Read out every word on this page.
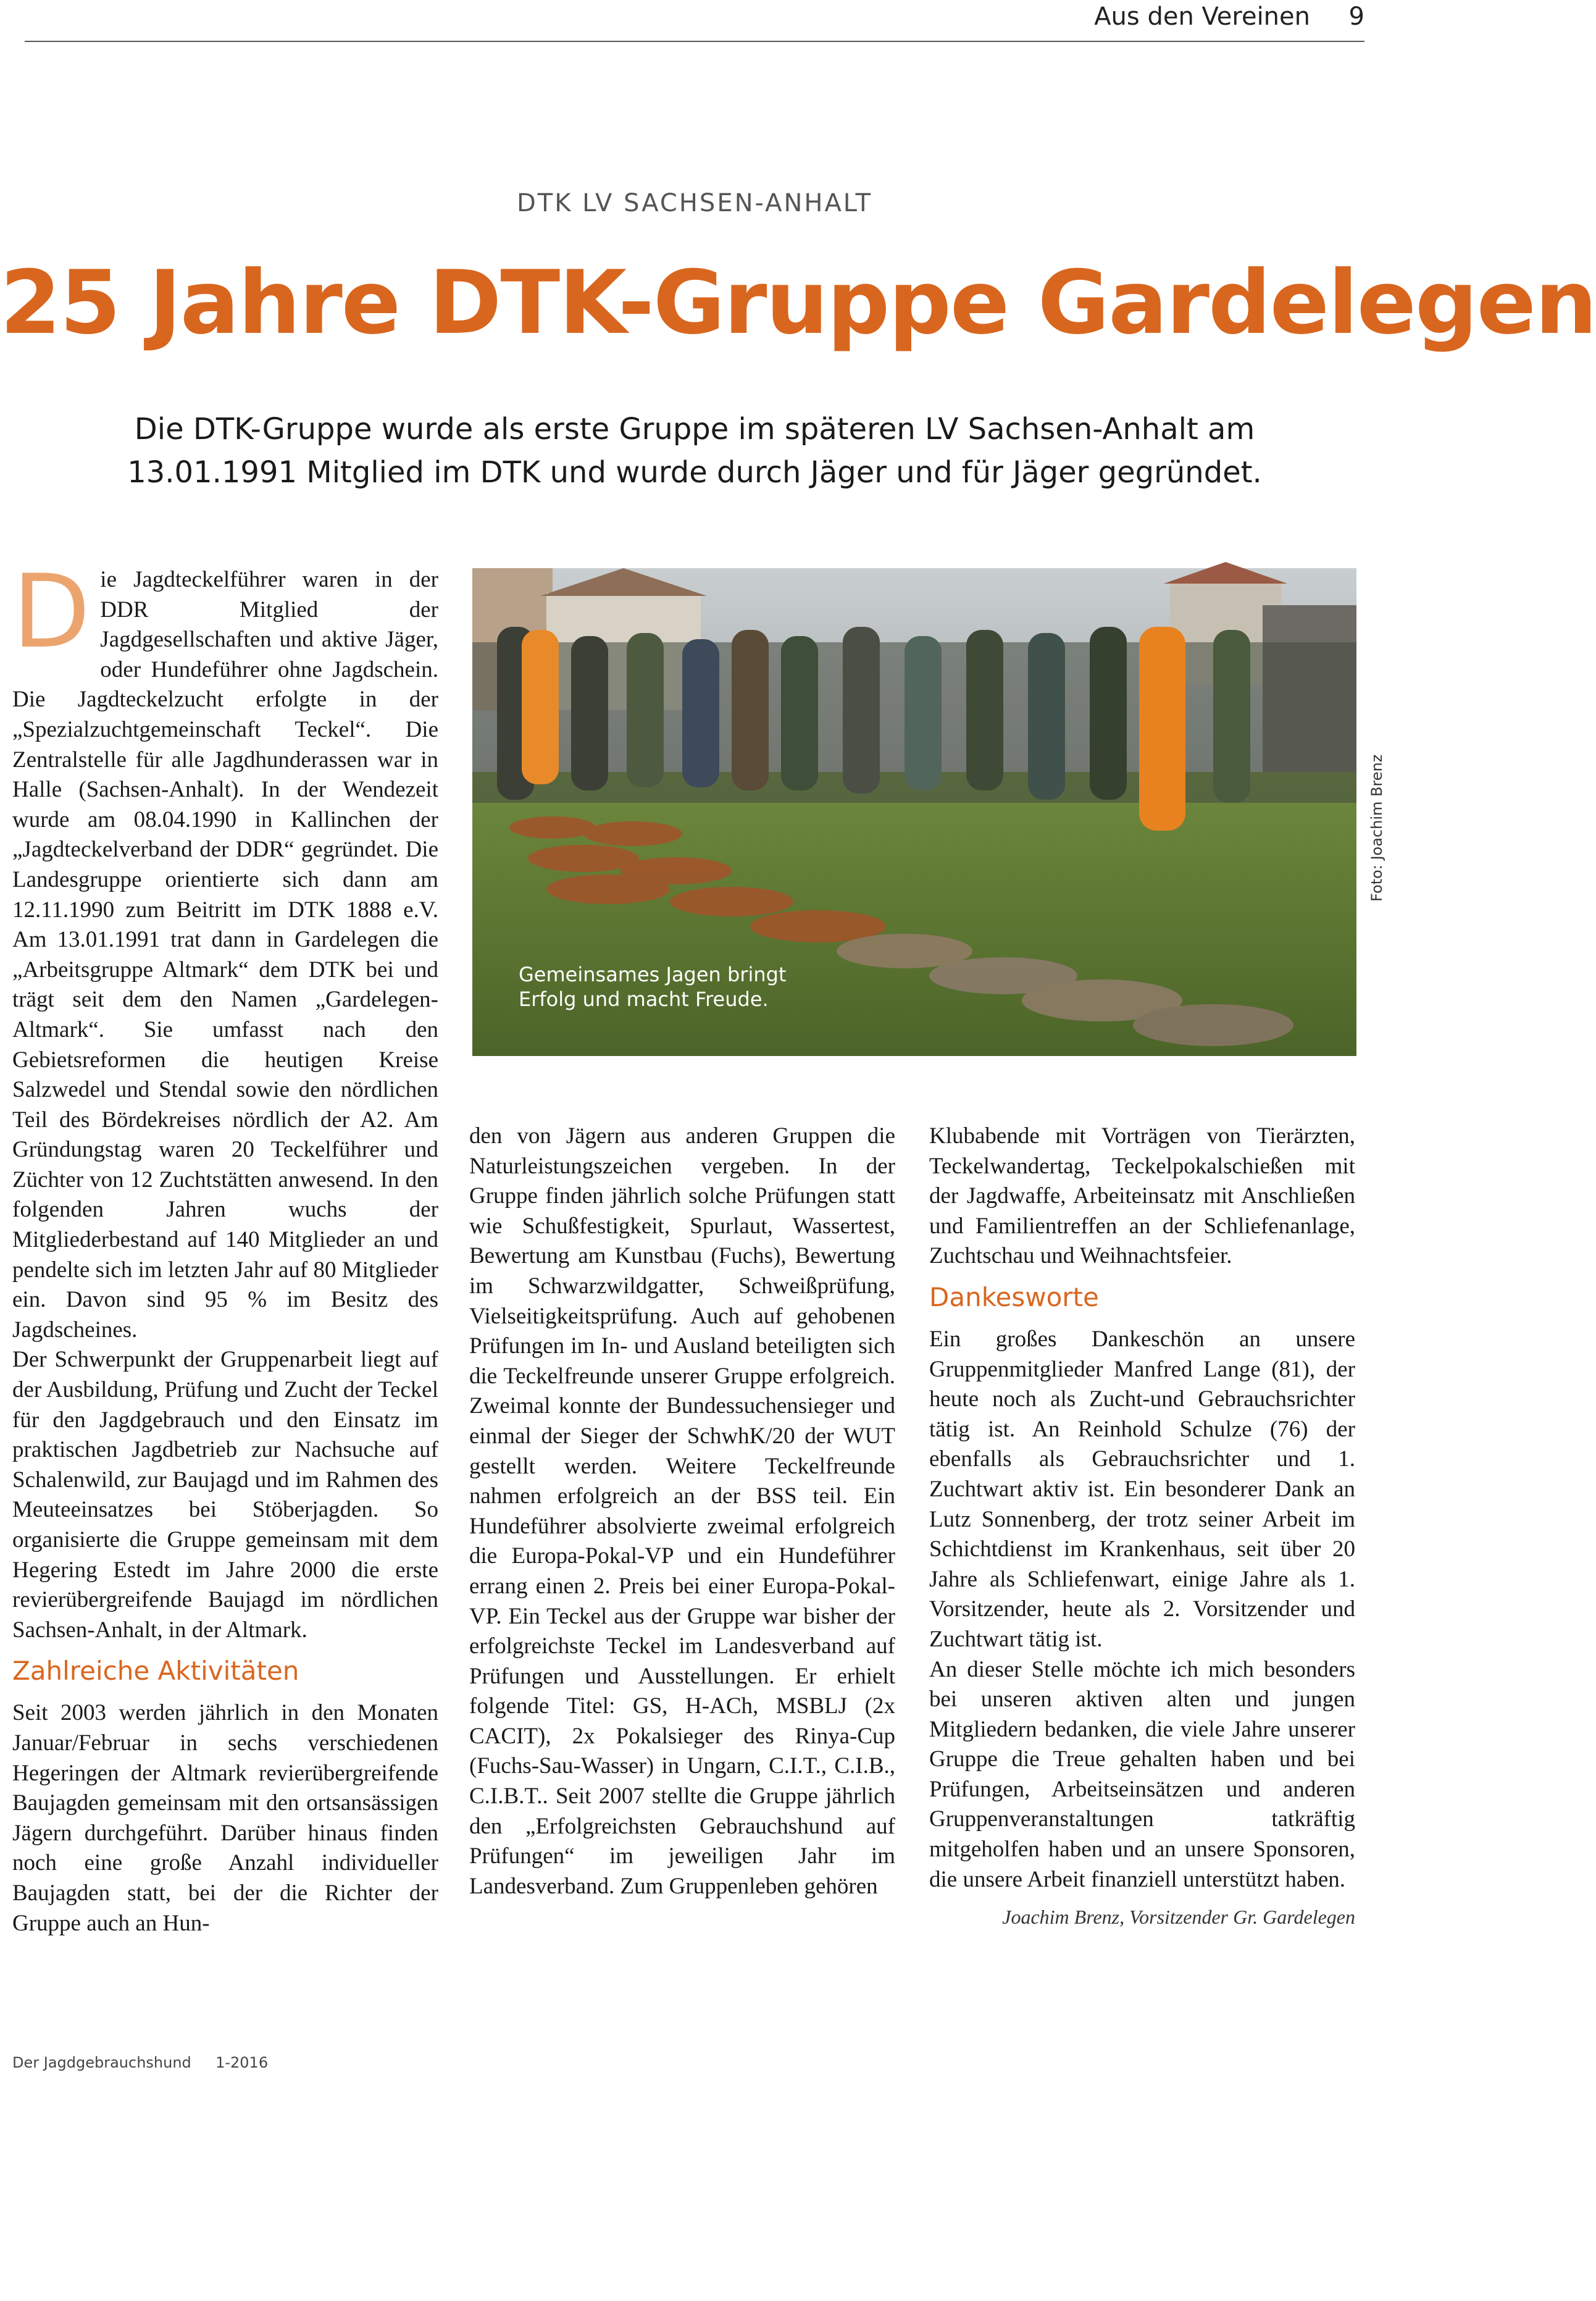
Aus den Vereinen 9
DTK LV SACHSEN-ANHALT
25 Jahre DTK-Gruppe Gardelegen
Die DTK-Gruppe wurde als erste Gruppe im späteren LV Sachsen-Anhalt am 13.01.1991 Mitglied im DTK und wurde durch Jäger und für Jäger gegründet.
D ie Jagdteckelführer waren in der DDR Mitglied der Jagdgesellschaften und aktive Jäger, oder Hundeführer ohne Jagdschein. Die Jagdteckelzucht erfolgte in der „Spezialzuchtgemeinschaft Teckel“. Die Zentralstelle für alle Jagdhunderassen war in Halle (Sachsen-Anhalt). In der Wendezeit wurde am 08.04.1990 in Kallinchen der „Jagdteckelverband der DDR“ gegründet. Die Landesgruppe orientierte sich dann am 12.11.1990 zum Beitritt im DTK 1888 e.V. Am 13.01.1991 trat dann in Gardelegen die „Arbeitsgruppe Altmark“ dem DTK bei und trägt seit dem den Namen „Gardelegen-Altmark“. Sie umfasst nach den Gebietsreformen die heutigen Kreise Salzwedel und Stendal sowie den nördlichen Teil des Bördekreises nördlich der A2. Am Gründungstag waren 20 Teckelführer und Züchter von 12 Zuchtstätten anwesend. In den folgenden Jahren wuchs der Mitgliederbestand auf 140 Mitglieder an und pendelte sich im letzten Jahr auf 80 Mitglieder ein. Davon sind 95 % im Besitz des Jagdscheines.

Der Schwerpunkt der Gruppenarbeit liegt auf der Ausbildung, Prüfung und Zucht der Teckel für den Jagdgebrauch und den Einsatz im praktischen Jagdbetrieb zur Nachsuche auf Schalenwild, zur Baujagd und im Rahmen des Meuteeinsatzes bei Stöberjagden. So organisierte die Gruppe gemeinsam mit dem Hegering Estedt im Jahre 2000 die erste revierübergreifende Baujagd im nördlichen Sachsen-Anhalt, in der Altmark.

Zahlreiche Aktivitäten

Seit 2003 werden jährlich in den Monaten Januar/Februar in sechs verschiedenen Hegeringen der Altmark revierübergreifende Baujagden gemeinsam mit den ortsansässigen Jägern durchgeführt. Darüber hinaus finden noch eine große Anzahl individueller Baujagden statt, bei der die Richter der Gruppe auch an Hun-

Gemeinsames Jagen bringt
Erfolg und macht Freude.
Foto: Joachim Brenz

den von Jägern aus anderen Gruppen die Naturleistungszeichen vergeben. In der Gruppe finden jährlich solche Prüfungen statt wie Schußfestigkeit, Spurlaut, Wassertest, Bewertung am Kunstbau (Fuchs), Bewertung im Schwarzwildgatter, Schweißprüfung, Vielseitigkeitsprüfung. Auch auf gehobenen Prüfungen im In- und Ausland beteiligten sich die Teckelfreunde unserer Gruppe erfolgreich. Zweimal konnte der Bundessuchensieger und einmal der Sieger der SchwhK/20 der WUT gestellt werden. Weitere Teckelfreunde nahmen erfolgreich an der BSS teil. Ein Hundeführer absolvierte zweimal erfolgreich die Europa-Pokal-VP und ein Hundeführer errang einen 2. Preis bei einer Europa-Pokal-VP. Ein Teckel aus der Gruppe war bisher der erfolgreichste Teckel im Landesverband auf Prüfungen und Ausstellungen. Er erhielt folgende Titel: GS, H-ACh, MSBLJ (2x CACIT), 2x Pokalsieger des Rinya-Cup (Fuchs-Sau-Wasser) in Ungarn, C.I.T., C.I.B., C.I.B.T.. Seit 2007 stellte die Gruppe jährlich den „Erfolgreichsten Gebrauchshund auf Prüfungen“ im jeweiligen Jahr im Landesverband. Zum Gruppenleben gehören

Klubabende mit Vorträgen von Tierärzten, Teckelwandertag, Teckelpokalschießen mit der Jagdwaffe, Arbeiteinsatz mit Anschließen und Familientreffen an der Schliefenanlage, Zuchtschau und Weihnachtsfeier.

Dankesworte

Ein großes Dankeschön an unsere Gruppenmitglieder Manfred Lange (81), der heute noch als Zucht-und Gebrauchsrichter tätig ist. An Reinhold Schulze (76) der ebenfalls als Gebrauchsrichter und 1. Zuchtwart aktiv ist. Ein besonderer Dank an Lutz Sonnenberg, der trotz seiner Arbeit im Schichtdienst im Krankenhaus, seit über 20 Jahre als Schliefenwart, einige Jahre als 1. Vorsitzender, heute als 2. Vorsitzender und Zuchtwart tätig ist.

An dieser Stelle möchte ich mich besonders bei unseren aktiven alten und jungen Mitgliedern bedanken, die viele Jahre unserer Gruppe die Treue gehalten haben und bei Prüfungen, Arbeitseinsätzen und anderen Gruppenveranstaltungen tatkräftig mitgeholfen haben und an unsere Sponsoren, die unsere Arbeit finanziell unterstützt haben.

Joachim Brenz, Vorsitzender Gr. Gardelegen
Der Jagdgebrauchshund 1-2016
